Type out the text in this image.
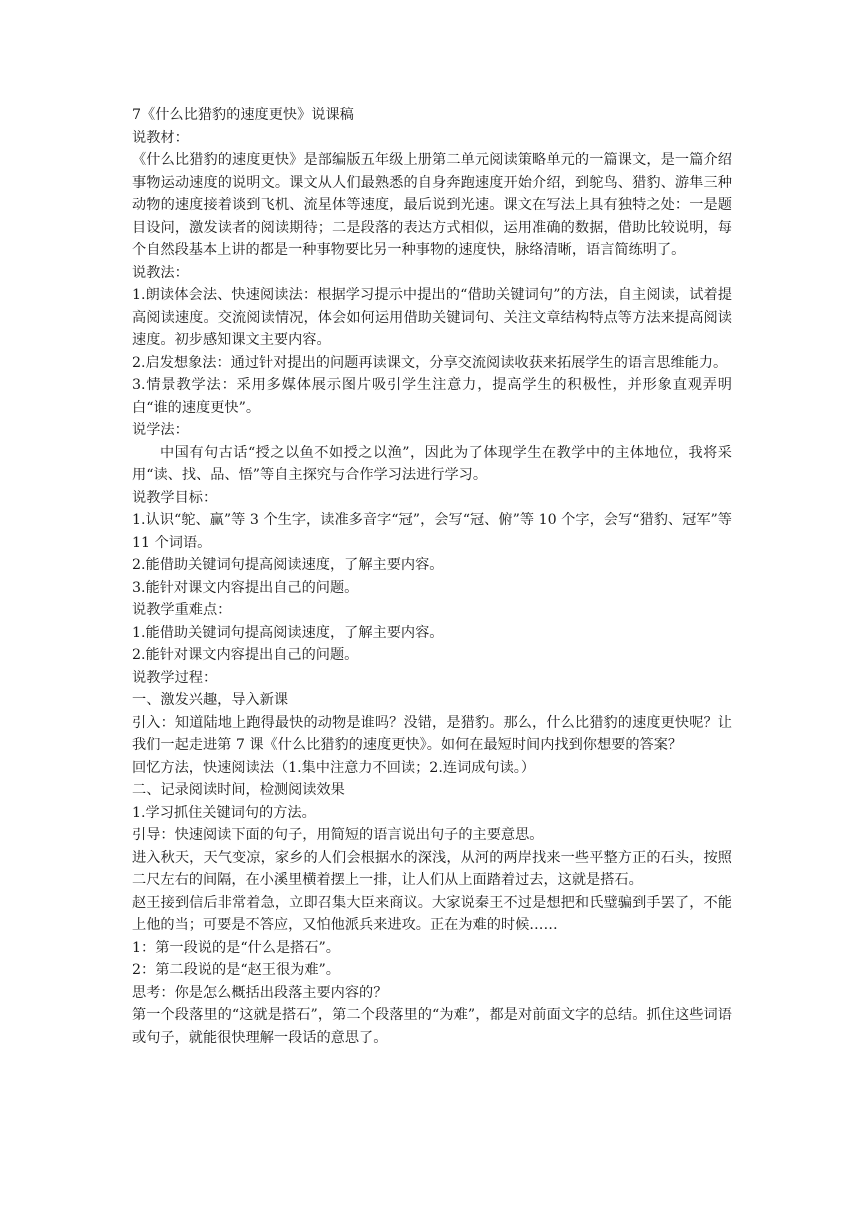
7《什么比猎豹的速度更快》说课稿

说教材：

《什么比猎豹的速度更快》是部编版五年级上册第二单元阅读策略单元的一篇课文，是一篇介绍事物运动速度的说明文。课文从人们最熟悉的自身奔跑速度开始介绍，到鸵鸟、猎豹、游隼三种动物的速度接着谈到飞机、流星体等速度，最后说到光速。课文在写法上具有独特之处：一是题目设问，激发读者的阅读期待；二是段落的表达方式相似，运用准确的数据，借助比较说明，每个自然段基本上讲的都是一种事物要比另一种事物的速度快，脉络清晰，语言简练明了。

说教法：

1.朗读体会法、快速阅读法：根据学习提示中提出的“借助关键词句”的方法，自主阅读，试着提高阅读速度。交流阅读情况，体会如何运用借助关键词句、关注文章结构特点等方法来提高阅读速度。初步感知课文主要内容。

2.启发想象法：通过针对提出的问题再读课文，分享交流阅读收获来拓展学生的语言思维能力。

3.情景教学法：采用多媒体展示图片吸引学生注意力，提高学生的积极性，并形象直观弄明白“谁的速度更快”。

说学法：

中国有句古话“授之以鱼不如授之以渔”，因此为了体现学生在教学中的主体地位，我将采用“读、找、品、悟”等自主探究与合作学习法进行学习。

说教学目标：

1.认识“鸵、赢”等 3 个生字，读准多音字“冠”，会写“冠、俯”等 10 个字，会写“猎豹、冠军”等 11 个词语。

2.能借助关键词句提高阅读速度，了解主要内容。

3.能针对课文内容提出自己的问题。

说教学重难点：

1.能借助关键词句提高阅读速度，了解主要内容。

2.能针对课文内容提出自己的问题。

说教学过程：

一、激发兴趣，导入新课

引入：知道陆地上跑得最快的动物是谁吗？没错，是猎豹。那么，什么比猎豹的速度更快呢？让我们一起走进第 7 课《什么比猎豹的速度更快》。如何在最短时间内找到你想要的答案？

回忆方法，快速阅读法（1.集中注意力不回读；2.连词成句读。）

二、记录阅读时间，检测阅读效果

1.学习抓住关键词句的方法。

引导：快速阅读下面的句子，用简短的语言说出句子的主要意思。

进入秋天，天气变凉，家乡的人们会根据水的深浅，从河的两岸找来一些平整方正的石头，按照二尺左右的间隔，在小溪里横着摆上一排，让人们从上面踏着过去，这就是搭石。

赵王接到信后非常着急，立即召集大臣来商议。大家说秦王不过是想把和氏璧骗到手罢了，不能上他的当；可要是不答应，又怕他派兵来进攻。正在为难的时候……

1：第一段说的是“什么是搭石”。

2：第二段说的是“赵王很为难”。

思考：你是怎么概括出段落主要内容的？

第一个段落里的“这就是搭石”，第二个段落里的“为难”，都是对前面文字的总结。抓住这些词语或句子，就能很快理解一段话的意思了。
